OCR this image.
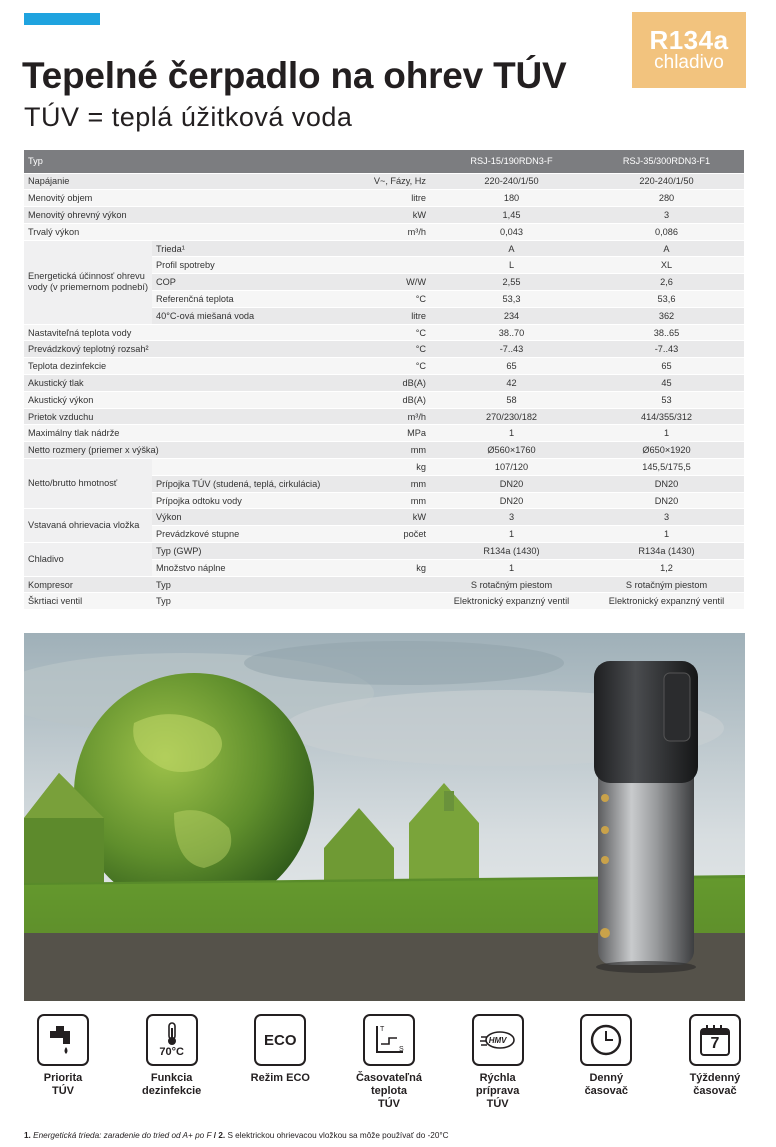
R134a
chladivo
Tepelné čerpadlo na ohrev TÚV
TÚV = teplá úžitková voda
Typ			RSJ-15/190RDN3-F	RSJ-35/300RDN3-F1
Napájanie		V~, Fázy, Hz	220-240/1/50	220-240/1/50
Menovitý objem		litre	180	280
Menovitý ohrevný výkon		kW	1,45	3
Trvalý výkon		m³/h	0,043	0,086
Energetická účinnosť ohrevu vody (v priemernom podnebí)	Trieda¹		A	A
	Profil spotreby		L	XL
	COP	W/W	2,55	2,6
	Referenčná teplota	°C	53,3	53,6
	40°C-ová miešaná voda	litre	234	362
Nastaviteľná teplota vody		°C	38..70	38..65
Prevádzkový teplotný rozsah²		°C	-7..43	-7..43
Teplota dezinfekcie		°C	65	65
Akustický tlak		dB(A)	42	45
Akustický výkon		dB(A)	58	53
Prietok vzduchu		m³/h	270/230/182	414/355/312
Maximálny tlak nádrže		MPa	1	1
Netto rozmery (priemer x výška)		mm	Ø560×1760	Ø650×1920
Netto/brutto hmotnosť		kg	107/120	145,5/175,5
	Prípojka TÚV (studená, teplá, cirkulácia)	mm	DN20	DN20
	Prípojka odtoku vody	mm	DN20	DN20
Vstavaná ohrievacia vložka	Výkon	kW	3	3
	Prevádzkové stupne	počet	1	1
Chladivo	Typ (GWP)		R134a (1430)	R134a (1430)
	Množstvo náplne	kg	1	1,2
Kompresor	Typ		S rotačným piestom	S rotačným piestom
Škrtiaci ventil	Typ		Elektronický expanzný ventil	Elektronický expanzný ventil
Priorita
TÚV
70°C
Funkcia
dezinfekcie
ECO
Režim ECO
T
S
Časovateľná
teplota
TÚV
HMV
Rýchla
prípravа
TÚV
Denný
časovač
7
Týždenný
časovač
1. Energetická trieda: zaradenie do tried od A+ po F / 2. S elektrickou ohrievacou vložkou sa môže používať do -20°C
